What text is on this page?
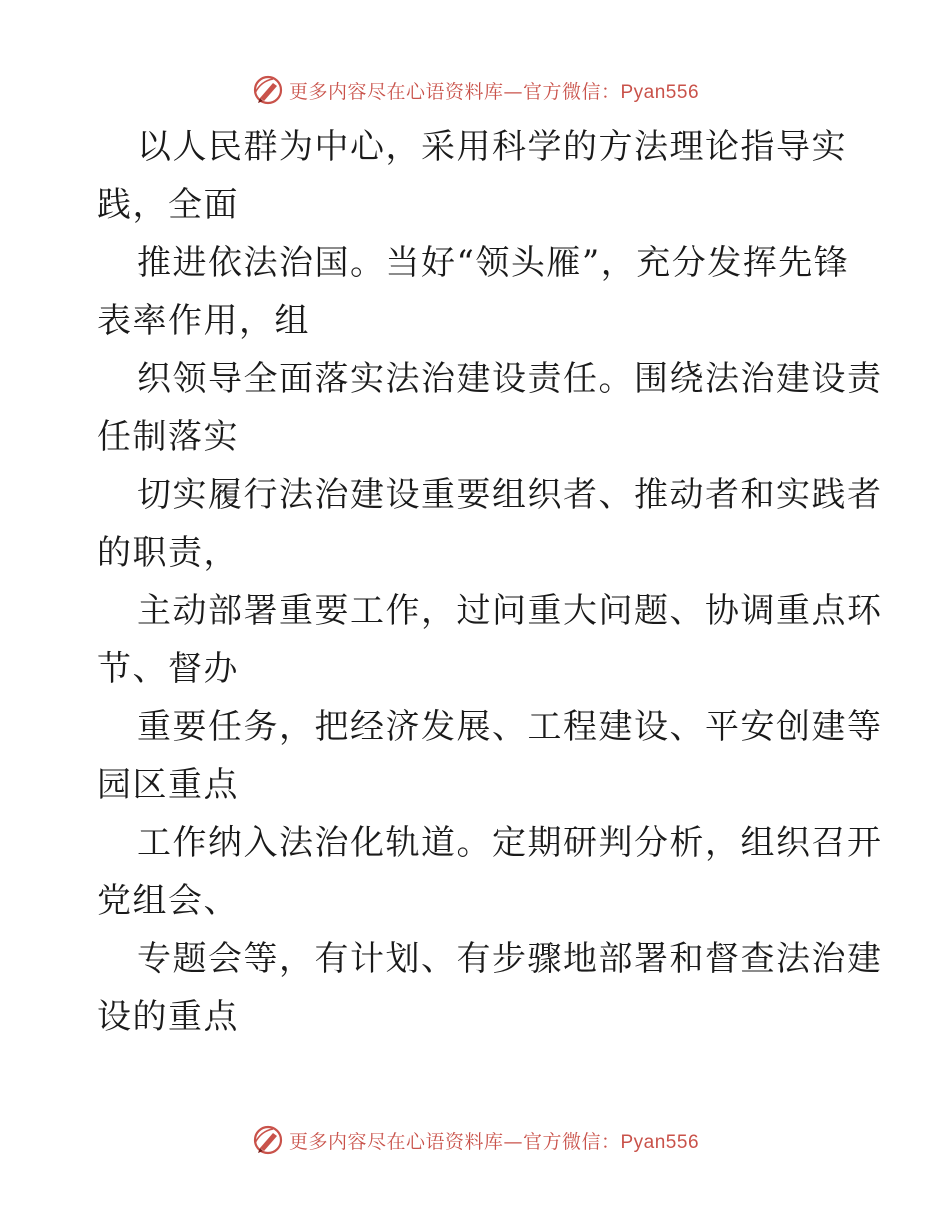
更多内容尽在心语资料库—官方微信：Pyan556

以人民群为中心，采用科学的方法理论指导实
践，全面

推进依法治国。当好“领头雁”，充分发挥先锋
表率作用，组

织领导全面落实法治建设责任。围绕法治建设责
任制落实

切实履行法治建设重要组织者、推动者和实践者
的职责，

主动部署重要工作，过问重大问题、协调重点环
节、督办

重要任务，把经济发展、工程建设、平安创建等
园区重点

工作纳入法治化轨道。定期研判分析，组织召开
党组会、

专题会等，有计划、有步骤地部署和督查法治建
设的重点

更多内容尽在心语资料库—官方微信：Pyan556
